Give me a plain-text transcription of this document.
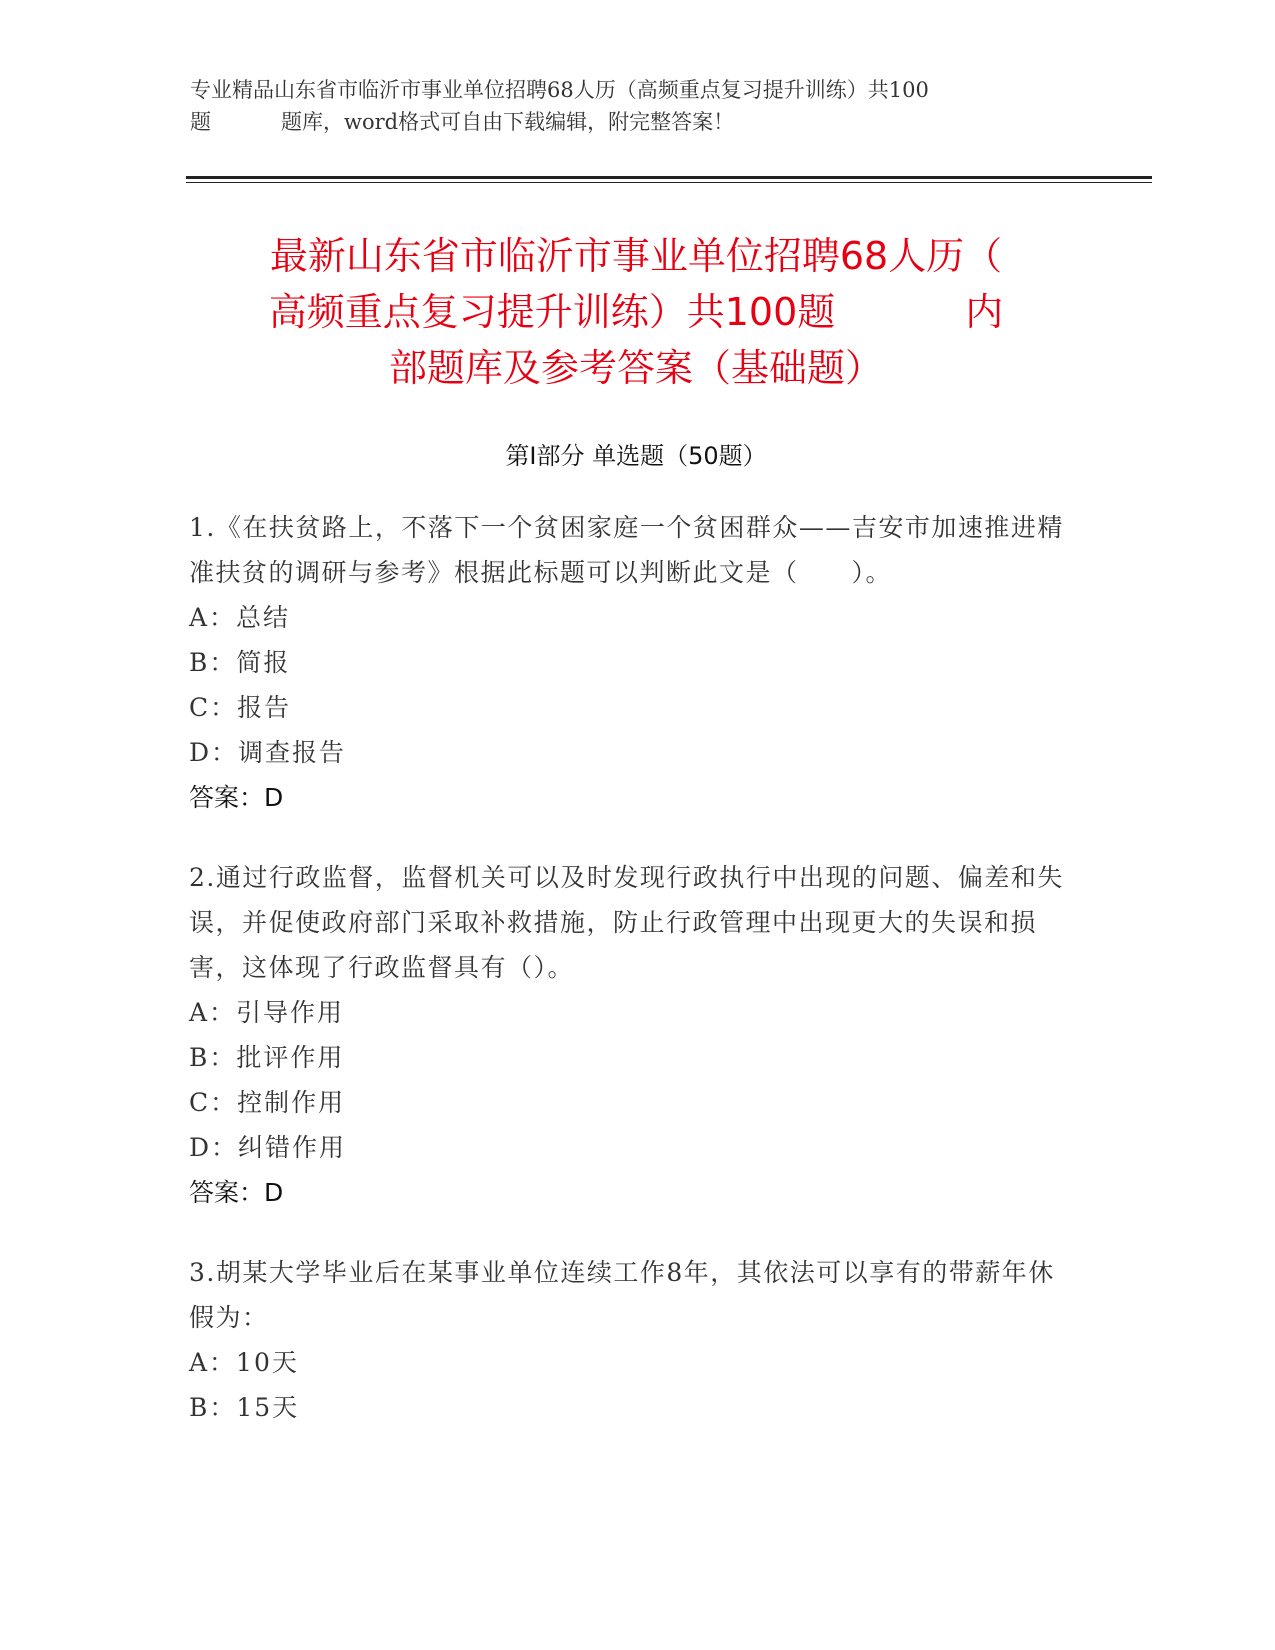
专业精品山东省市临沂市事业单位招聘68人历（高频重点复习提升训练）共100
题	题库，word格式可自由下载编辑，附完整答案！
最新山东省市临沂市事业单位招聘68人历（
高频重点复习提升训练）共100题	内
部题库及参考答案（基础题）
第Ⅰ部分 单选题（50题）

1.《在扶贫路上，不落下一个贫困家庭一个贫困群众——吉安市加速推进精准扶贫的调研与参考》根据此标题可以判断此文是（　　）。

A：总结

B：简报

C：报告

D：调查报告

答案：D

2.通过行政监督，监督机关可以及时发现行政执行中出现的问题、偏差和失误，并促使政府部门采取补救措施，防止行政管理中出现更大的失误和损害，这体现了行政监督具有（）。

A：引导作用

B：批评作用

C：控制作用

D：纠错作用

答案：D

3.胡某大学毕业后在某事业单位连续工作8年，其依法可以享有的带薪年休假为：

A：10天

B：15天
